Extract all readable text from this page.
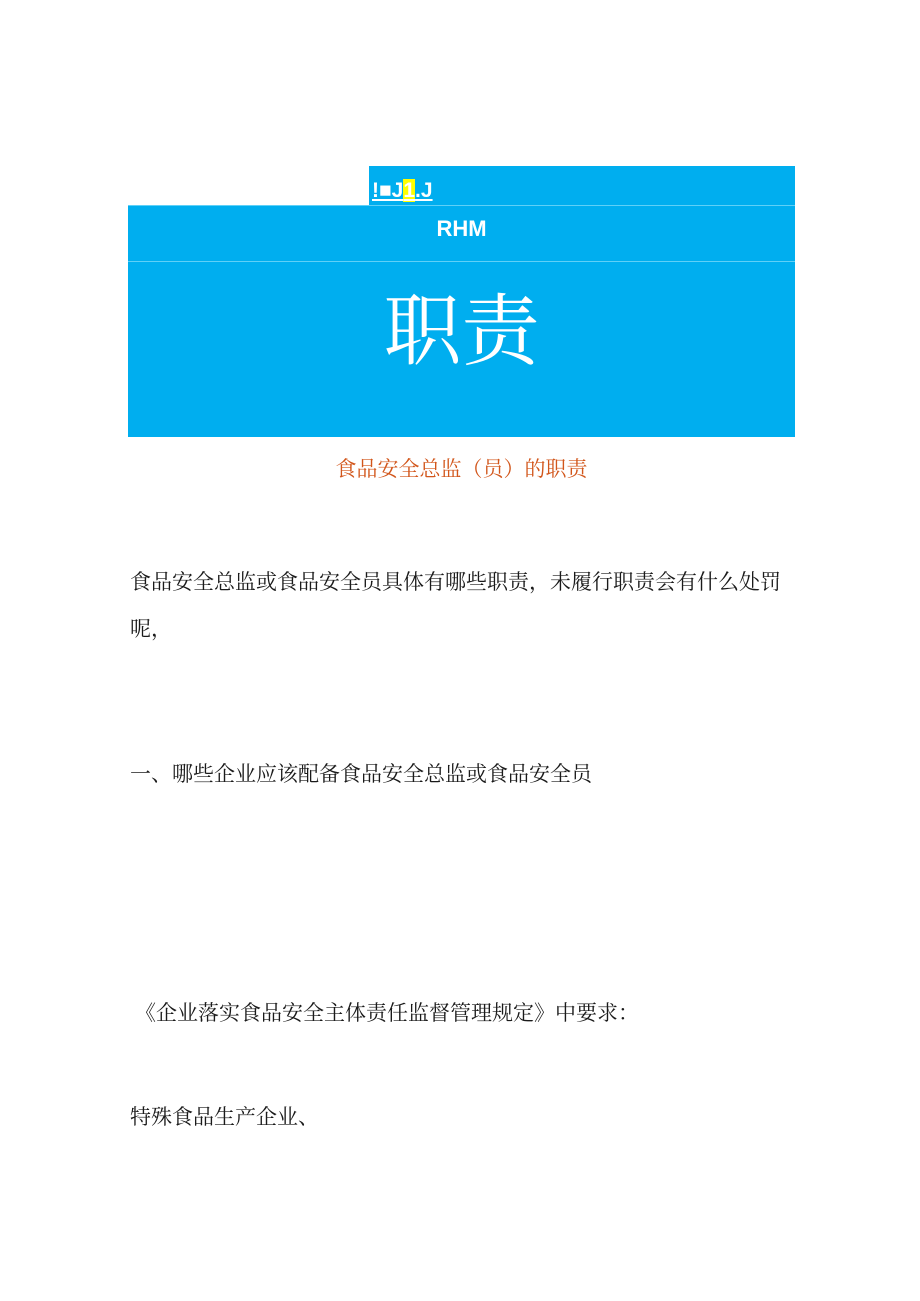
!■J1.J
RHM
职责
食品安全总监（员）的职责
食品安全总监或食品安全员具体有哪些职责，未履行职责会有什么处罚呢，
一、哪些企业应该配备食品安全总监或食品安全员
《企业落实食品安全主体责任监督管理规定》中要求：
特殊食品生产企业、
